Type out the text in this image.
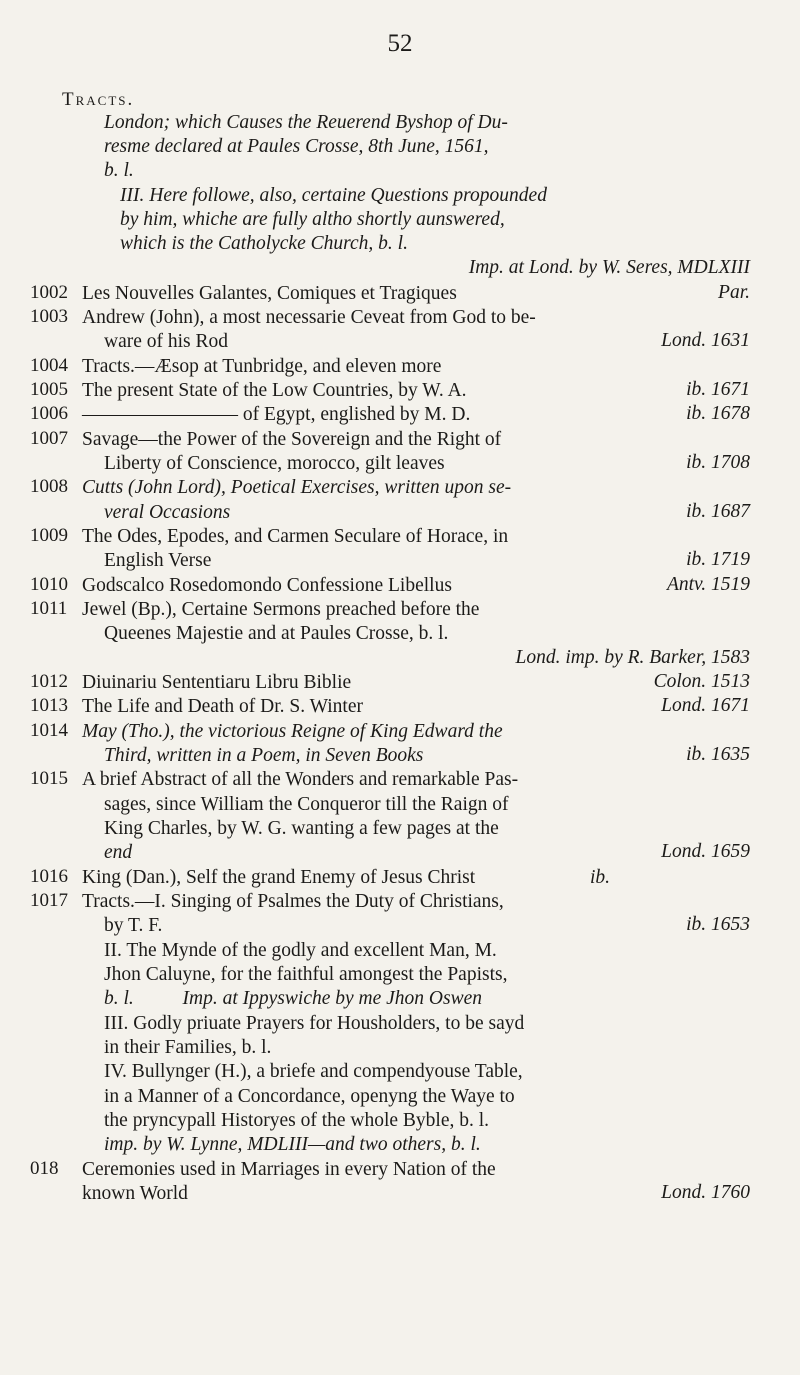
52
Tracts.
London; which Causes the Reuerend Byshop of Du-
resme declared at Paules Crosse, 8th June, 1561,
b. l.
III. Here followe, also, certaine Questions propounded
by him, whiche are fully altho shortly aunswered,
which is the Catholycke Church, b. l.
Imp. at Lond. by W. Seres, MDLXIII
1002 Les Nouvelles Galantes, Comiques et Tragiques	Par.
1003 Andrew (John), a most necessarie Ceveat from God to be-
ware of his Rod	Lond. 1631
1004 Tracts.—Æsop at Tunbridge, and eleven more
1005 The present State of the Low Countries, by W. A.	ib. 1671
1006 ———————— of Egypt, englished by M. D.	ib. 1678
1007 Savage—the Power of the Sovereign and the Right of
Liberty of Conscience, morocco, gilt leaves	ib. 1708
1008 Cutts (John Lord), Poetical Exercises, written upon se-
veral Occasions	ib. 1687
1009 The Odes, Epodes, and Carmen Seculare of Horace, in
English Verse	ib. 1719
1010 Godscalco Rosedomondo Confessione Libellus	Antv. 1519
1011 Jewel (Bp.), Certaine Sermons preached before the
Queenes Majestie and at Paules Crosse, b. l.
Lond. imp. by R. Barker, 1583
1012 Diuinariu Sententiaru Libru Biblie	Colon. 1513
1013 The Life and Death of Dr. S. Winter	Lond. 1671
1014 May (Tho.), the victorious Reigne of King Edward the
Third, written in a Poem, in Seven Books	ib. 1635
1015 A brief Abstract of all the Wonders and remarkable Pas-
sages, since William the Conqueror till the Raign of
King Charles, by W. G. wanting a few pages at the
end	Lond. 1659
1016 King (Dan.), Self the grand Enemy of Jesus Christ	ib.
1017 Tracts.—I. Singing of Psalmes the Duty of Christians,
by T. F.	ib. 1653
II. The Mynde of the godly and excellent Man, M.
Jhon Caluyne, for the faithful amongest the Papists,
b. l.          Imp. at Ippyswiche by me Jhon Oswen
III. Godly priuate Prayers for Housholders, to be sayd
in their Families, b. l.
IV. Bullynger (H.), a briefe and compendyouse Table,
in a Manner of a Concordance, openyng the Waye to
the pryncypall Historyes of the whole Byble, b. l.
imp. by W. Lynne, MDLIII—and two others, b. l.
018 Ceremonies used in Marriages in every Nation of the
known World	Lond. 1760
